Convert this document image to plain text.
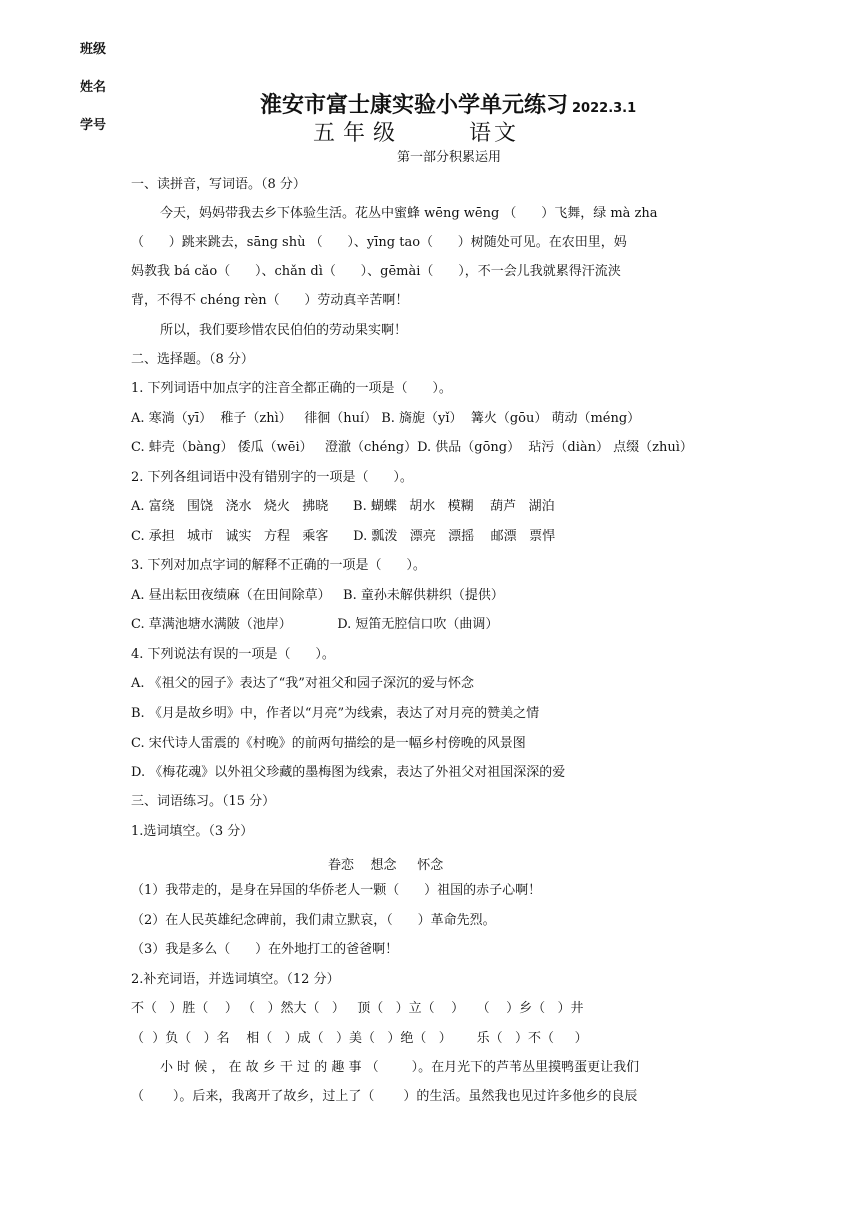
班级
姓名
学号
淮安市富士康实验小学单元练习 2022.3.1
五年级	语文
第一部分积累运用
一、读拼音，写词语。（8 分）
今天，妈妈带我去乡下体验生活。花丛中蜜蜂 wēng wēng （      ）飞舞，绿 mà zha
（      ）跳来跳去，sāng shù （      ）、yīng tao（      ）树随处可见。在农田里，妈
妈教我 bá cǎo（      ）、chǎn dì（      ）、gēmài（      ），不一会儿我就累得汗流浃
背，不得不 chéng rèn（      ）劳动真辛苦啊！
所以，我们要珍惜农民伯伯的劳动果实啊！
二、选择题。（8 分）
1. 下列词语中加点字的注音全都正确的一项是（      ）。
A. 寒淌（yī）  稚子（zhì）   徘徊（huí） B. 旖旎（yǐ）  篝火（gōu） 萌动（méng）
C. 蚌壳（bàng） 倭瓜（wēi）   澄澈（chéng）D. 供品（gōng）  玷污（diàn） 点缀（zhuì）
2. 下列各组词语中没有错别字的一项是（      ）。
A. 富绕   围饶   浇水   烧火   拂晓      B. 蝴蝶   胡水   模糊    葫芦   湖泊
C. 承担   城市   诚实   方程   乘客      D. 瓢泼   漂亮   漂摇    邮漂   票悍
3. 下列对加点字词的解释不正确的一项是（      ）。
A. 昼出耘田夜绩麻（在田间除草）   B. 童孙未解供耕织（提供）
C. 草满池塘水满陂（池岸）           D. 短笛无腔信口吹（曲调）
4. 下列说法有误的一项是（      ）。
A. 《祖父的园子》表达了“我”对祖父和园子深沉的爱与怀念
B. 《月是故乡明》中，作者以“月亮”为线索，表达了对月亮的赞美之情
C. 宋代诗人雷震的《村晚》的前两句描绘的是一幅乡村傍晚的风景图
D. 《梅花魂》以外祖父珍藏的墨梅图为线索，表达了外祖父对祖国深深的爱
三、词语练习。（15 分）
1.选词填空。（3 分）
眷恋    想念     怀念
（1）我带走的，是身在异国的华侨老人一颗（      ）祖国的赤子心啊！
（2）在人民英雄纪念碑前，我们肃立默哀，（      ）革命先烈。
（3）我是多么（      ）在外地打工的爸爸啊！
2.补充词语，并选词填空。（12 分）
不（   ）胜（    ） （   ）然大（   ）   顶（   ）立（    ）   （    ）乡（   ）井
（  ）负（   ）名    相（   ）成（   ）美（   ）绝（   ）      乐（   ）不（     ）
小 时 候 ， 在 故 乡 干 过 的 趣 事 （        ）。在月光下的芦苇丛里摸鸭蛋更让我们
（       ）。后来，我离开了故乡，过上了（       ）的生活。虽然我也见过许多他乡的良辰
